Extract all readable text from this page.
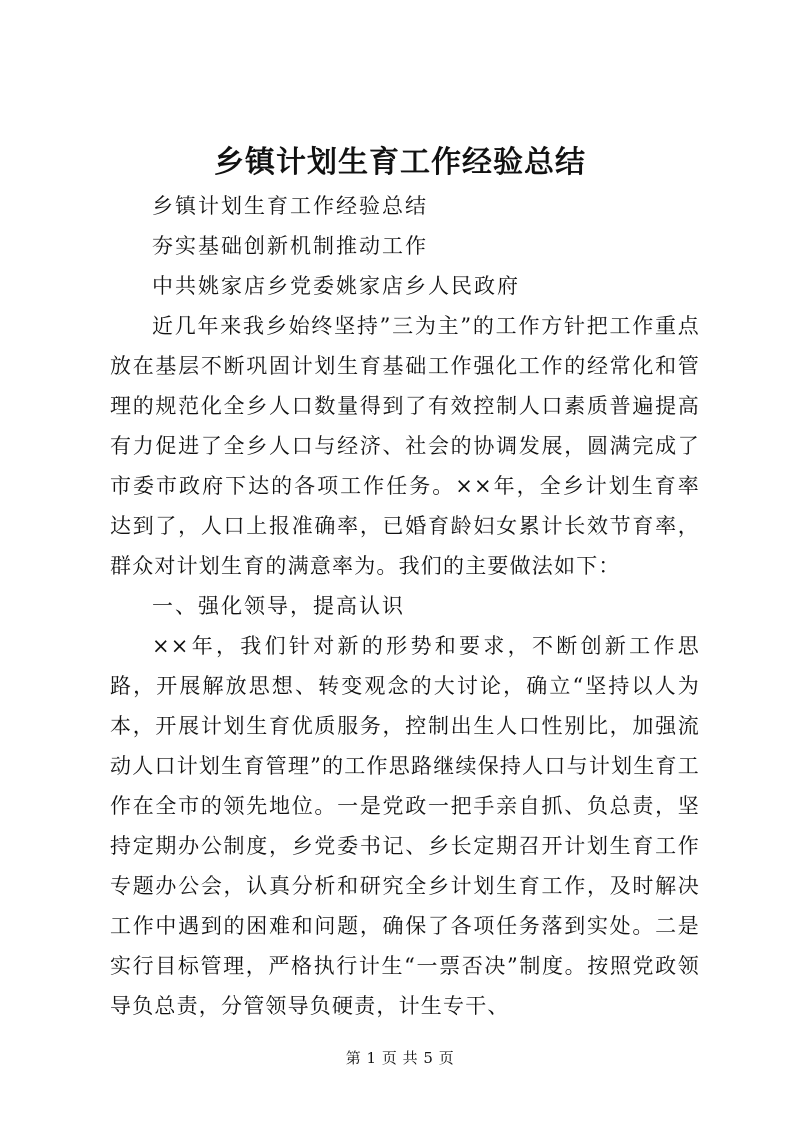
乡镇计划生育工作经验总结

乡镇计划生育工作经验总结

夯实基础创新机制推动工作

中共姚家店乡党委姚家店乡人民政府

近几年来我乡始终坚持”三为主”的工作方针把工作重点放在基层不断巩固计划生育基础工作强化工作的经常化和管理的规范化全乡人口数量得到了有效控制人口素质普遍提高有力促进了全乡人口与经济、社会的协调发展，圆满完成了市委市政府下达的各项工作任务。××年，全乡计划生育率达到了，人口上报准确率，已婚育龄妇女累计长效节育率，群众对计划生育的满意率为。我们的主要做法如下：

一、强化领导，提高认识

××年，我们针对新的形势和要求，不断创新工作思路，开展解放思想、转变观念的大讨论，确立“坚持以人为本，开展计划生育优质服务，控制出生人口性别比，加强流动人口计划生育管理”的工作思路继续保持人口与计划生育工作在全市的领先地位。一是党政一把手亲自抓、负总责，坚持定期办公制度，乡党委书记、乡长定期召开计划生育工作专题办公会，认真分析和研究全乡计划生育工作，及时解决工作中遇到的困难和问题，确保了各项任务落到实处。二是实行目标管理，严格执行计生“一票否决”制度。按照党政领导负总责，分管领导负硬责，计生专干、

第 1 页 共 5 页
